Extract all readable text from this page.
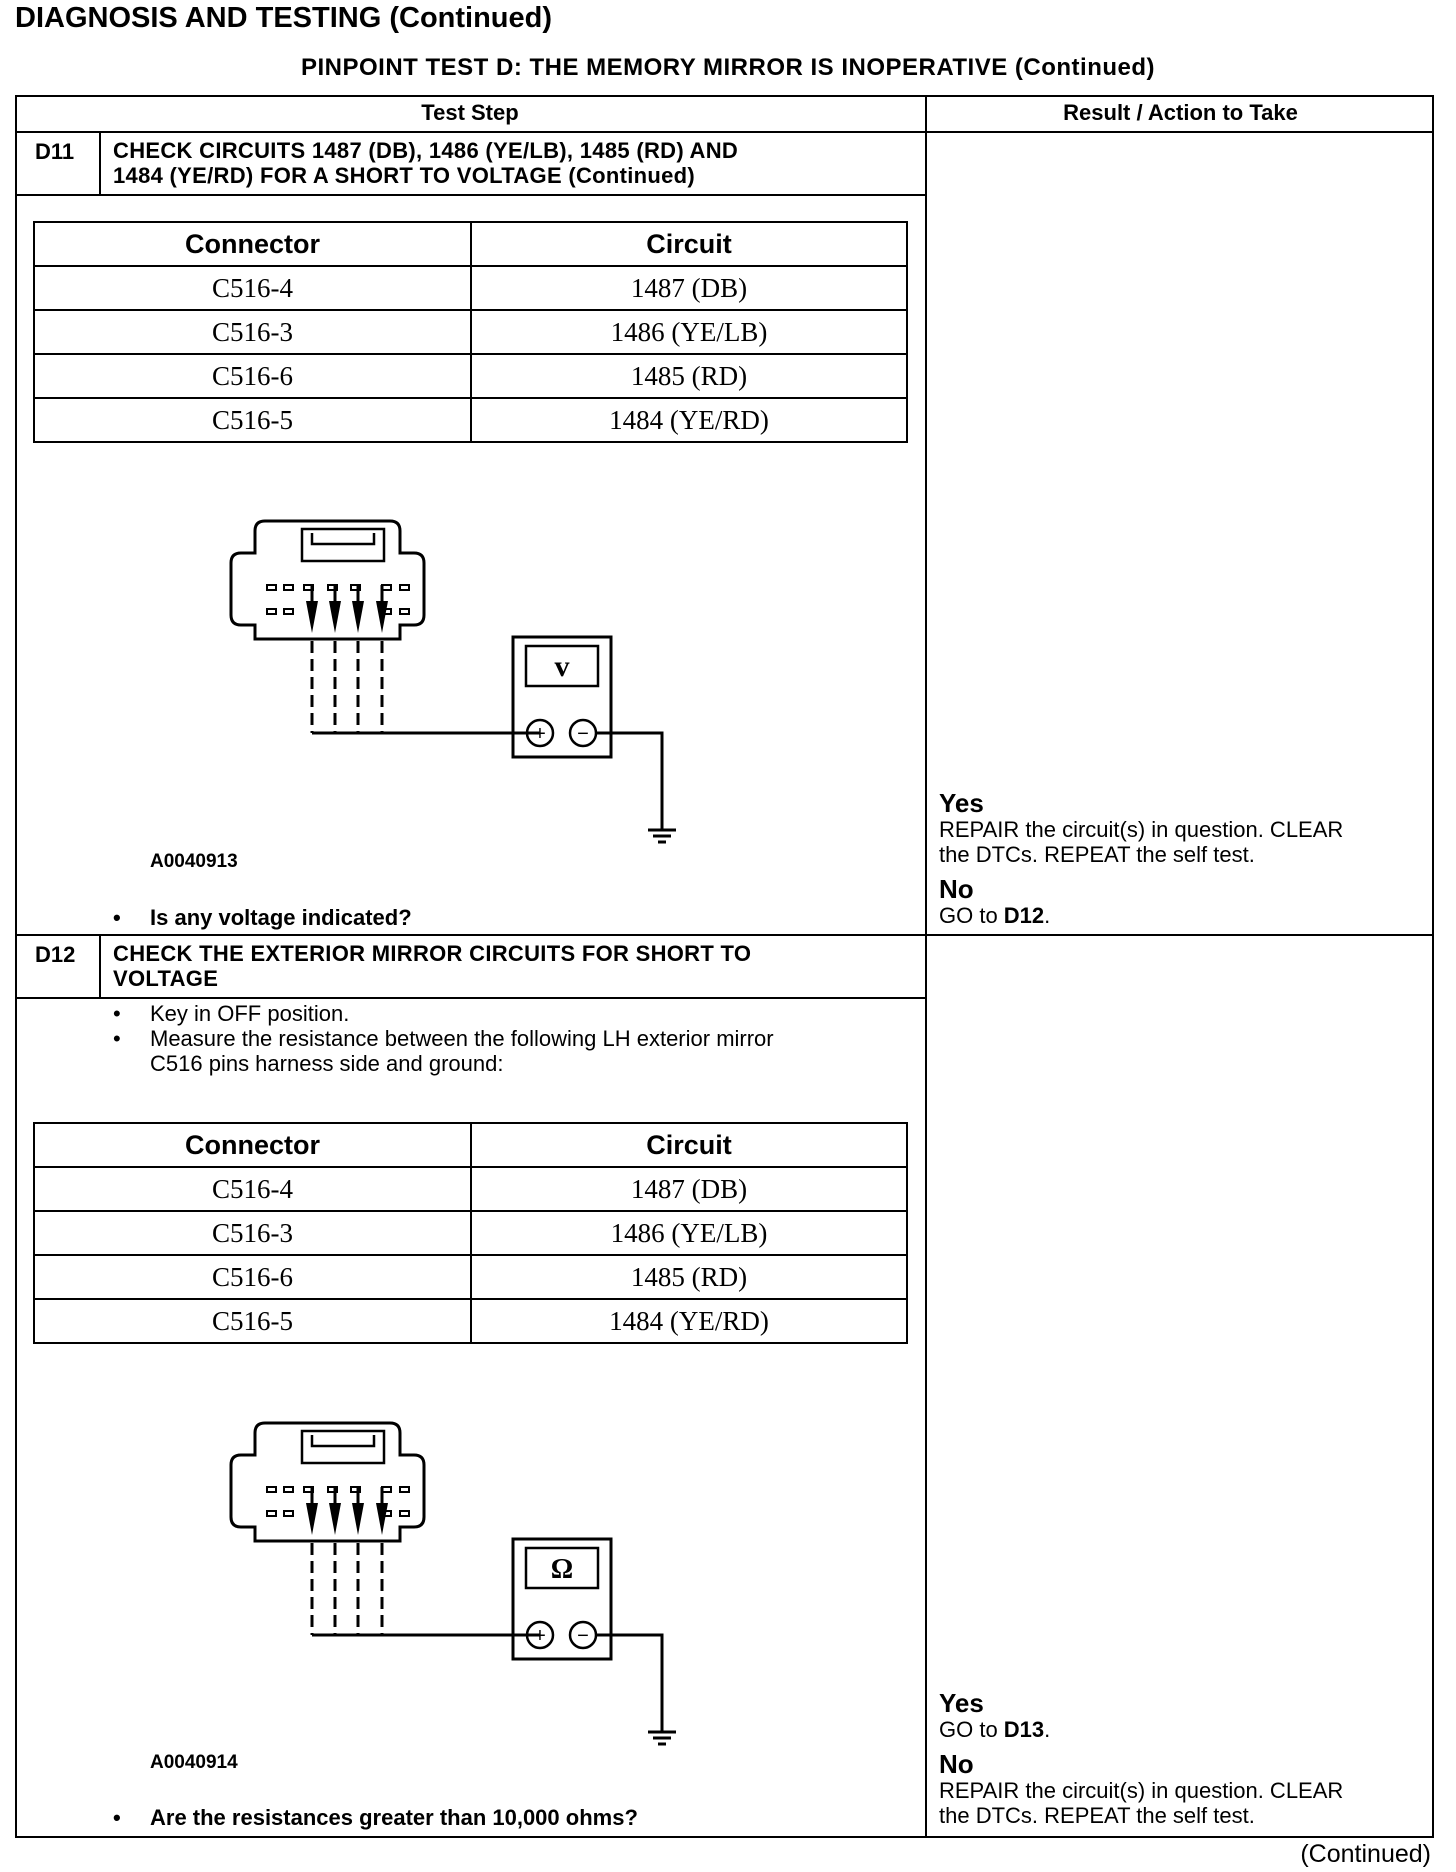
DIAGNOSIS AND TESTING (Continued)
PINPOINT TEST D: THE MEMORY MIRROR IS INOPERATIVE (Continued)
Test Step	Result / Action to Take
D11 CHECK CIRCUITS 1487 (DB), 1486 (YE/LB), 1485 (RD) AND
1484 (YE/RD) FOR A SHORT TO VOLTAGE (Continued)
Connector	Circuit
C516-4	1487 (DB)
C516-3	1486 (YE/LB)
C516-6	1485 (RD)
C516-5	1484 (YE/RD)
v
+ −
A0040913
• Is any voltage indicated?
Yes
REPAIR the circuit(s) in question. CLEAR
the DTCs. REPEAT the self test.
No
GO to D12.
D12 CHECK THE EXTERIOR MIRROR CIRCUITS FOR SHORT TO
VOLTAGE
• Key in OFF position.
• Measure the resistance between the following LH exterior mirror
C516 pins harness side and ground:
Connector	Circuit
C516-4	1487 (DB)
C516-3	1486 (YE/LB)
C516-6	1485 (RD)
C516-5	1484 (YE/RD)
Ω
+ −
A0040914
• Are the resistances greater than 10,000 ohms?
Yes
GO to D13.
No
REPAIR the circuit(s) in question. CLEAR
the DTCs. REPEAT the self test.
(Continued)
